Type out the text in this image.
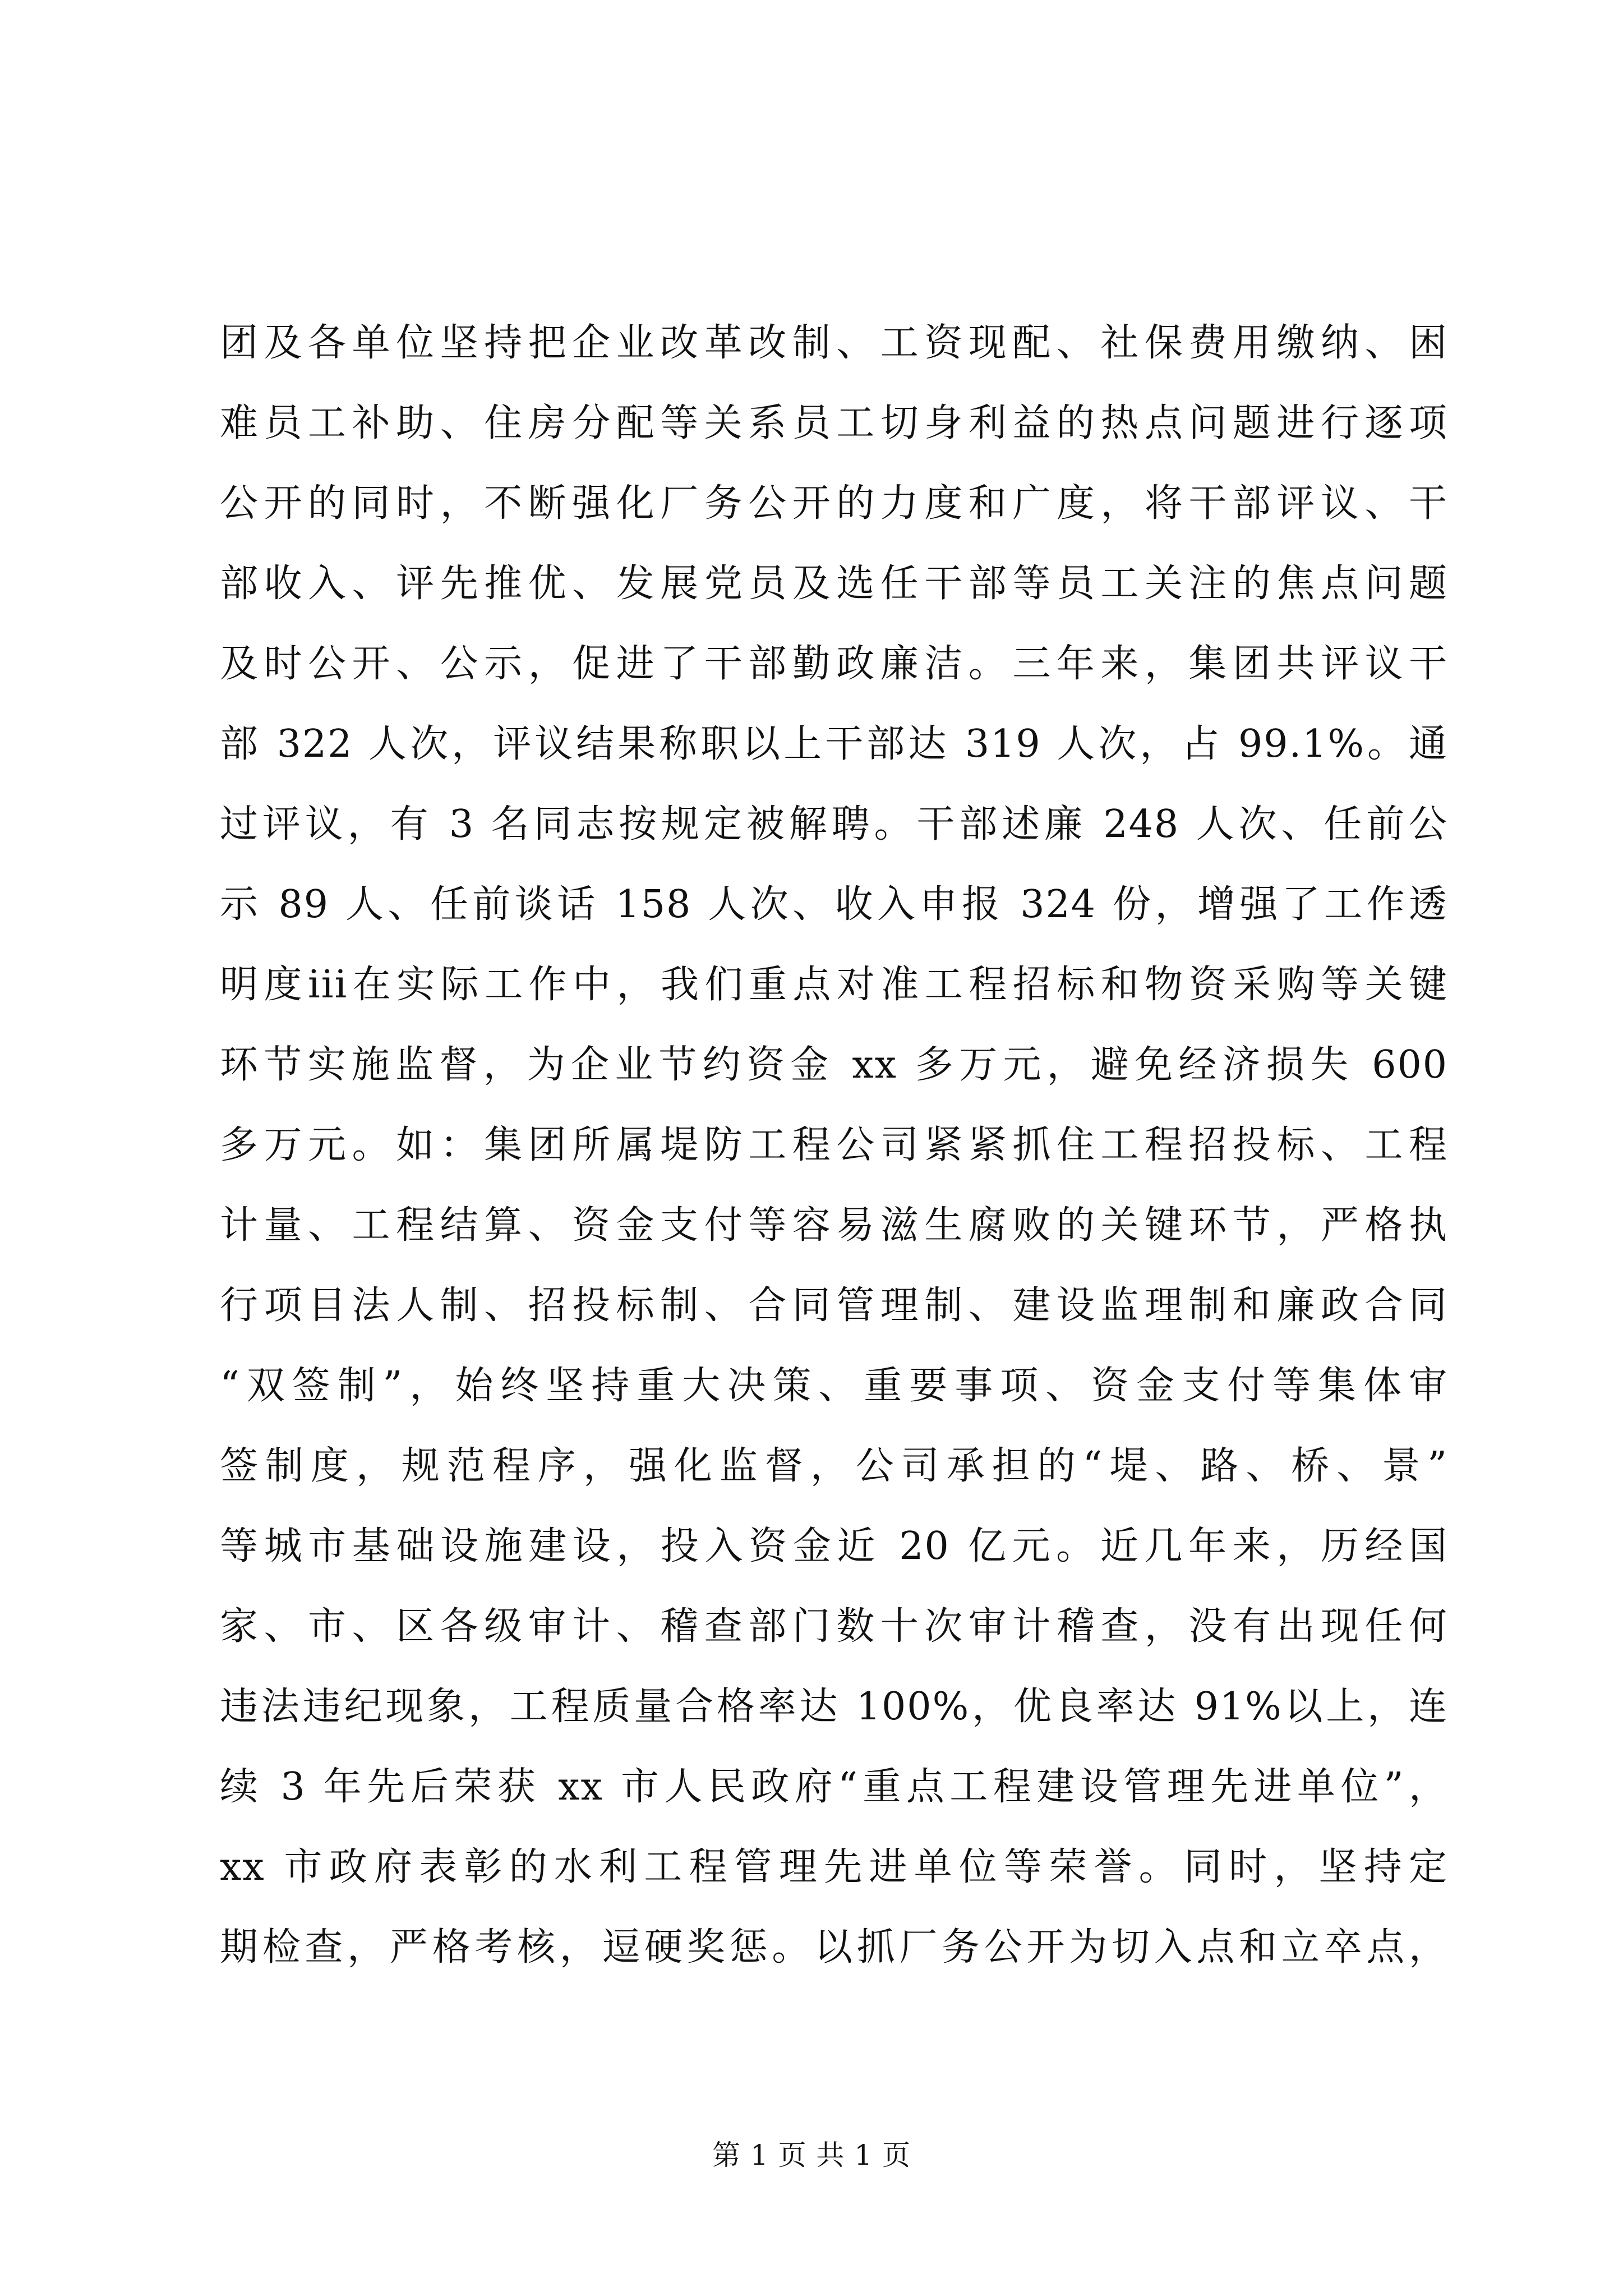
团及各单位坚持把企业改革改制、工资现配、社保费用缴纳、困
难员工补助、住房分配等关系员工切身利益的热点问题进行逐项
公开的同时，不断强化厂务公开的力度和广度，将干部评议、干
部收入、评先推优、发展党员及选任干部等员工关注的焦点问题
及时公开、公示，促进了干部勤政廉洁。三年来，集团共评议干
部 322 人次，评议结果称职以上干部达 319 人次，占 99.1%。通
过评议，有 3 名同志按规定被解聘。干部述廉 248 人次、任前公
示 89 人、任前谈话 158 人次、收入申报 324 份，增强了工作透
明度iii在实际工作中，我们重点对准工程招标和物资采购等关键
环节实施监督，为企业节约资金 xx 多万元，避免经济损失 600
多万元。如：集团所属堤防工程公司紧紧抓住工程招投标、工程
计量、工程结算、资金支付等容易滋生腐败的关键环节，严格执
行项目法人制、招投标制、合同管理制、建设监理制和廉政合同
“双签制”，始终坚持重大决策、重要事项、资金支付等集体审
签制度，规范程序，强化监督，公司承担的“堤、路、桥、景”
等城市基础设施建设，投入资金近 20 亿元。近几年来，历经国
家、市、区各级审计、稽查部门数十次审计稽查，没有出现任何
违法违纪现象，工程质量合格率达 100%，优良率达 91%以上，连
续 3 年先后荣获 xx 市人民政府“重点工程建设管理先进单位”，
xx 市政府表彰的水利工程管理先进单位等荣誉。同时，坚持定
期检查，严格考核，逗硬奖惩。以抓厂务公开为切入点和立卒点，
第 1 页 共 1 页
